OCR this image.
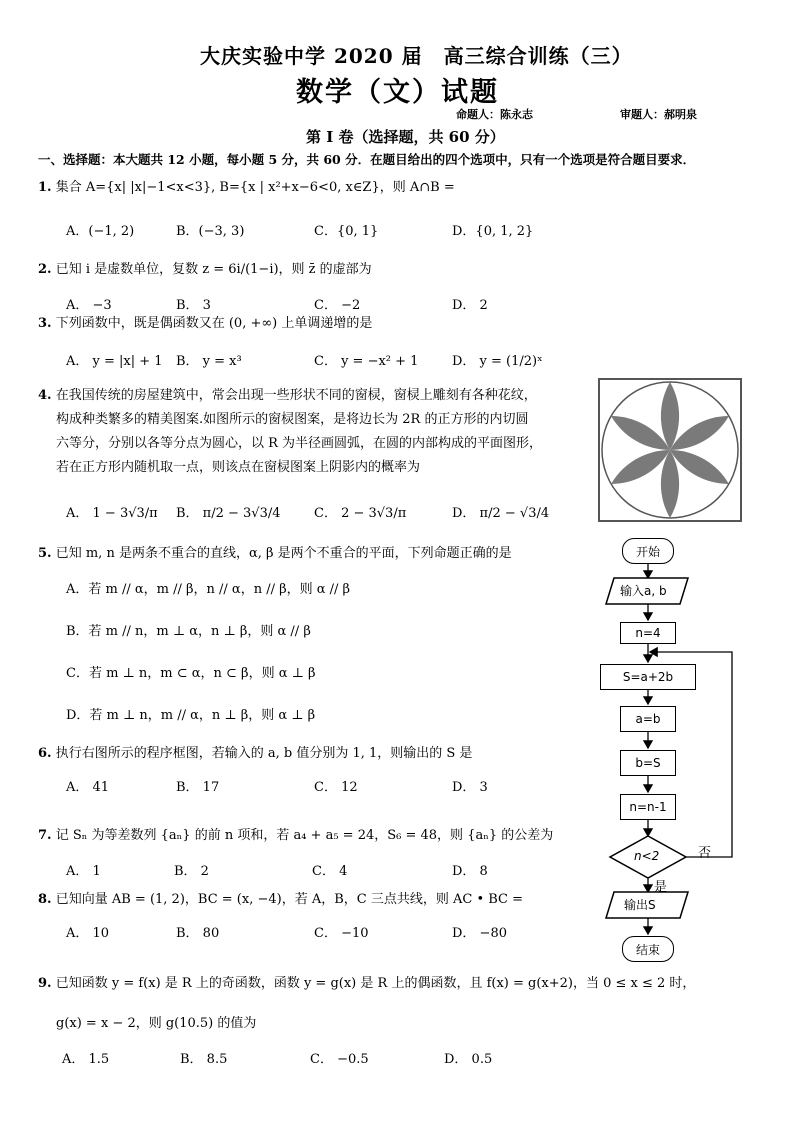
大庆实验中学 2020 届　高三综合训练（三）
数学（文）试题
命题人：陈永志	审题人：郝明泉
第 I 卷（选择题，共 60 分）
一、选择题：本大题共 12 小题，每小题 5 分，共 60 分．在题目给出的四个选项中，只有一个选项是符合题目要求．
1. 集合 A={x| |x|−1<x<3}, B={x | x²+x−6<0, x∈Z}，则 A∩B =
A．(−1, 2)	B．(−3, 3)	C．{0, 1}	D．{0, 1, 2}
2. 已知 i 是虚数单位，复数 z = 6i/(1−i)，则 z̄ 的虚部为
A． −3	B． 3	C． −2	D． 2
3. 下列函数中，既是偶函数又在 (0, +∞) 上单调递增的是
A． y = |x| + 1 B． y = x³	C． y = −x² + 1	D． y = (1/2)ˣ
4. 在我国传统的房屋建筑中，常会出现一些形状不同的窗棂，窗棂上雕刻有各种花纹，
构成种类繁多的精美图案.如图所示的窗棂图案，是将边长为 2R 的正方形的内切圆
六等分，分别以各等分点为圆心，以 R 为半径画圆弧，在圆的内部构成的平面图形，
若在正方形内随机取一点，则该点在窗棂图案上阴影内的概率为
A． 1 − 3√3/π B． π/2 − 3√3/4	C． 2 − 3√3/π	D． π/2 − √3/4
5. 已知 m, n 是两条不重合的直线，α, β 是两个不重合的平面，下列命题正确的是
A．若 m // α，m // β，n // α，n // β，则 α // β
B．若 m // n，m ⊥ α，n ⊥ β，则 α // β
C．若 m ⊥ n，m ⊂ α，n ⊂ β，则 α ⊥ β
D．若 m ⊥ n，m // α，n ⊥ β，则 α ⊥ β
6. 执行右图所示的程序框图，若输入的 a, b 值分别为 1, 1，则输出的 S 是
A． 41	B． 17	C． 12	D． 3
7. 记 Sₙ 为等差数列 {aₙ} 的前 n 项和，若 a₄ + a₅ = 24，S₆ = 48，则 {aₙ} 的公差为
A． 1	B． 2	C． 4	D． 8
8. 已知向量 AB = (1, 2)，BC = (x, −4)，若 A，B，C 三点共线，则 AC • BC =
A． 10	B． 80	C． −10	D． −80
9. 已知函数 y = f(x) 是 R 上的奇函数，函数 y = g(x) 是 R 上的偶函数，且 f(x) = g(x+2)，当 0 ≤ x ≤ 2 时，
g(x) = x − 2，则 g(10.5) 的值为
A． 1.5	B． 8.5	C． −0.5	D． 0.5
开始
输入a, b
n=4
S=a+2b
a=b
b=S
n=n-1
n<2	否
是
输出S
结束
